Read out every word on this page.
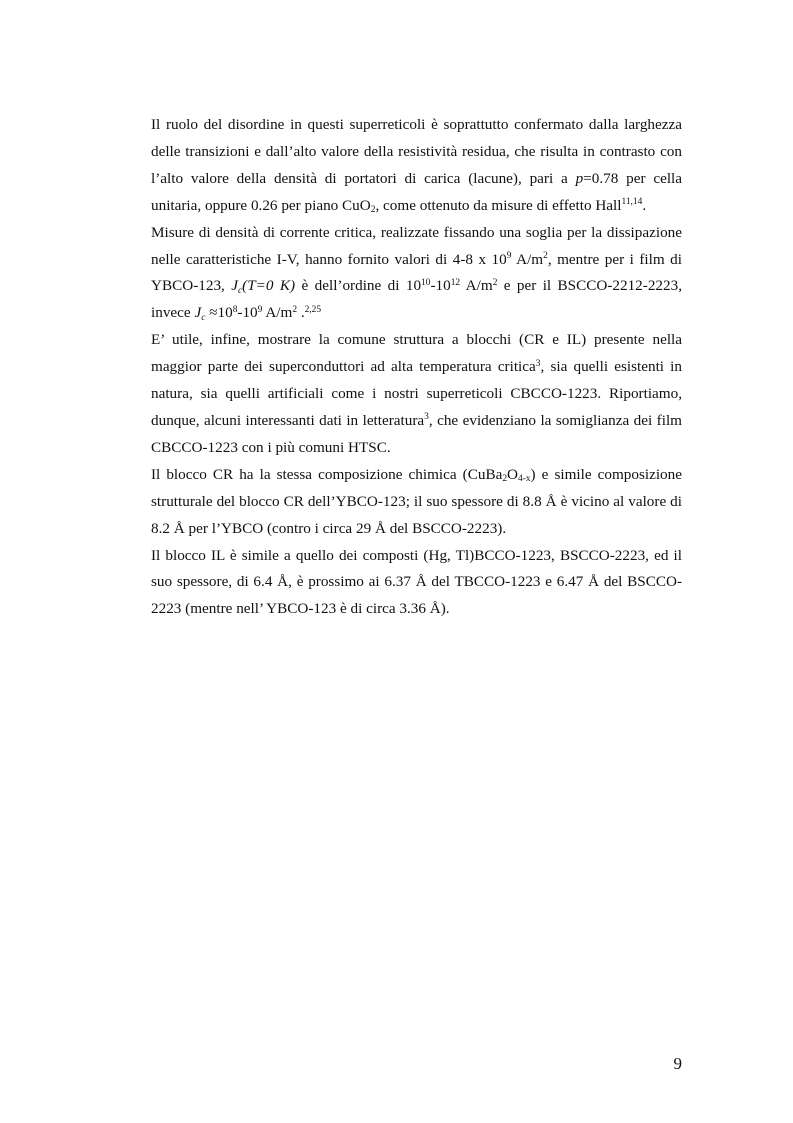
Il ruolo del disordine in questi superreticoli è soprattutto confermato dalla larghezza delle transizioni e dall’alto valore della resistività residua, che risulta in contrasto con l’alto valore della densità di portatori di carica (lacune), pari a p=0.78 per cella unitaria, oppure 0.26 per piano CuO$_2$, come ottenuto da misure di effetto Hall$^{11,14}$.

Misure di densità di corrente critica, realizzate fissando una soglia per la dissipazione nelle caratteristiche I-V, hanno fornito valori di 4-8 x $10^9$ $A/m^2$, mentre per i film di YBCO-123, $J_c(T=0$ K) è dell’ordine di $10^{10}-10^{12}$ $A/m^2$ e per il BSCCO-2212-2223, invece $J_c \approx 10^8-10^9$ $A/m^2$ .$^{2,25}$

E’ utile, infine, mostrare la comune struttura a blocchi (CR e IL) presente nella maggior parte dei superconduttori ad alta temperatura critica$^3$, sia quelli esistenti in natura, sia quelli artificiali come i nostri superreticoli CBCCO-1223. Riportiamo, dunque, alcuni interessanti dati in letteratura$^3$, che evidenziano la somiglianza dei film CBCCO-1223 con i più comuni HTSC.

Il blocco CR ha la stessa composizione chimica $(CuBa_2O_{4-x})$ e simile composizione strutturale del blocco CR dell’YBCO-123; il suo spessore di 8.8 Å è vicino al valore di 8.2 Å per l’YBCO (contro i circa 29 Å del BSCCO-2223).

Il blocco IL è simile a quello dei composti (Hg, Tl)BCCO-1223, BSCCO-2223, ed il suo spessore, di 6.4 Å, è prossimo ai 6.37 Å del TBCCO-1223 e 6.47 Å del BSCCO-2223 (mentre nell’ YBCO-123 è di circa 3.36 Å).

9
